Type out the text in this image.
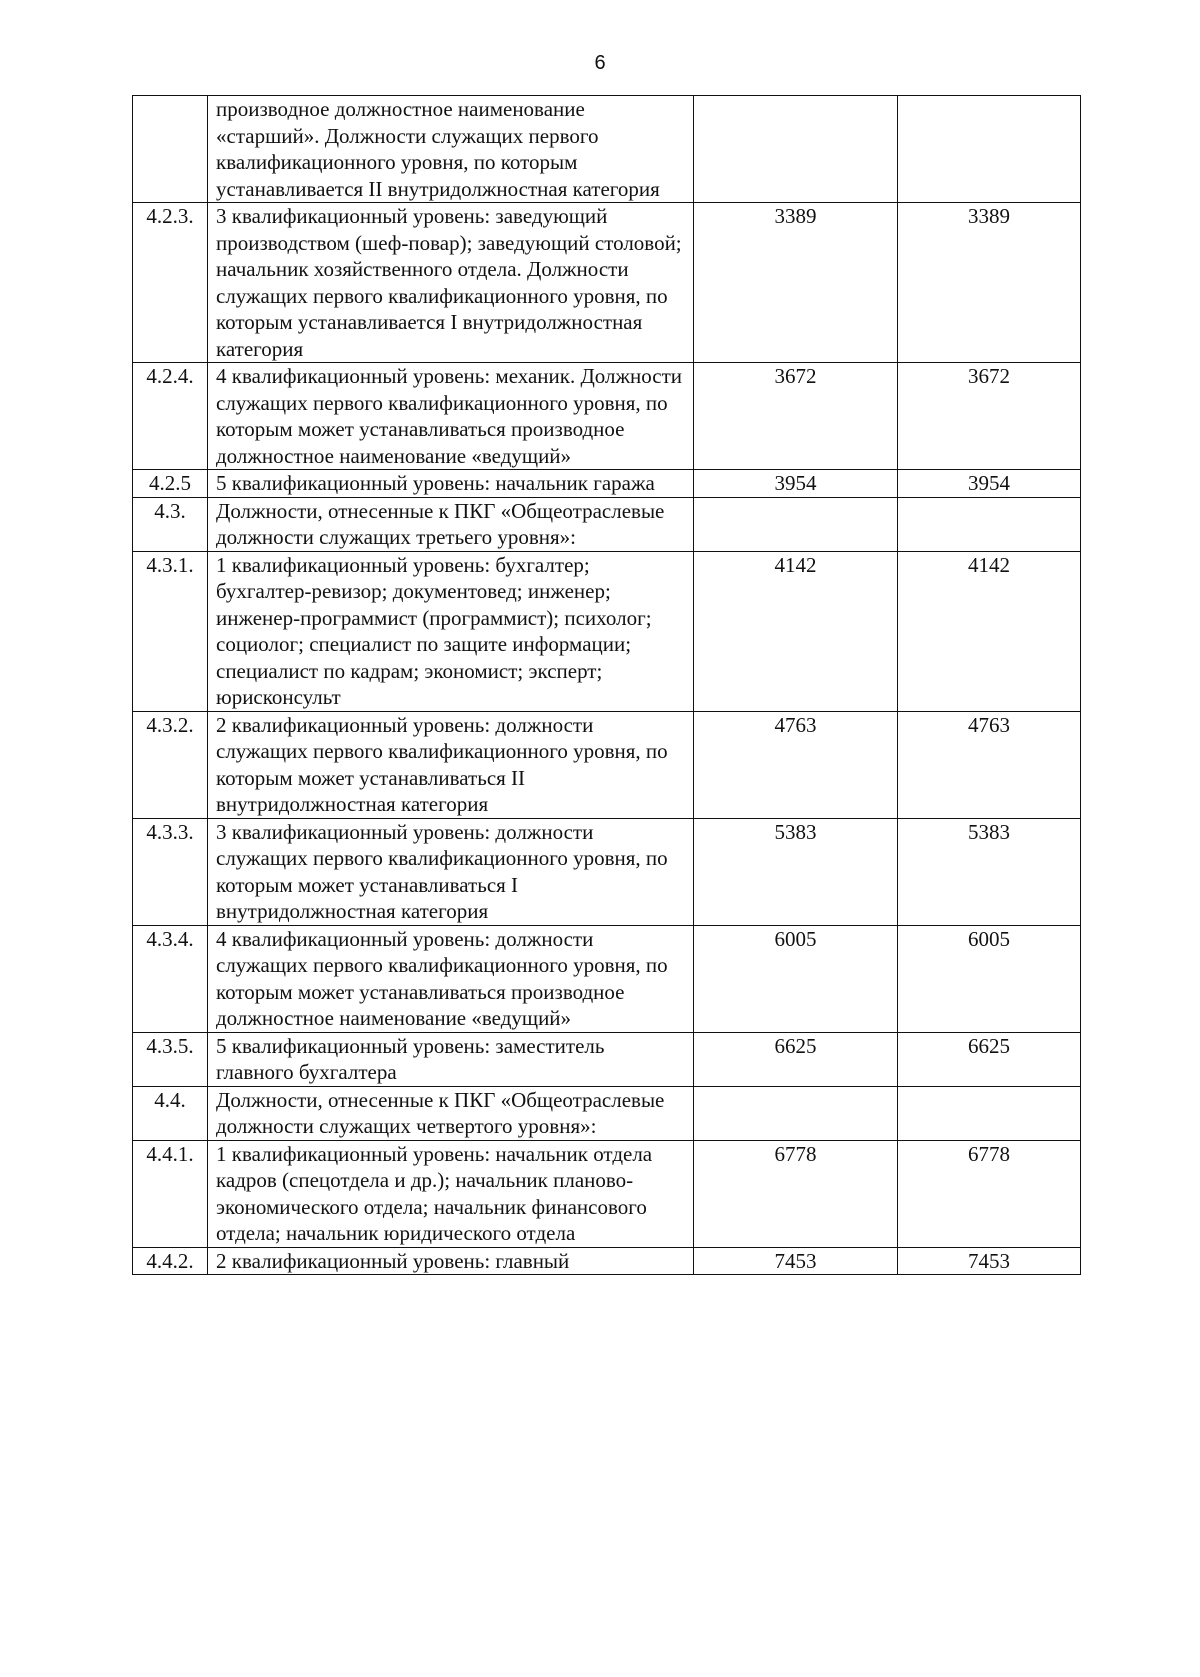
6
	производное должностное наименование «старший». Должности служащих первого квалификационного уровня, по которым устанавливается II внутридолжностная категория		
4.2.3.	3 квалификационный уровень: заведующий производством (шеф-повар); заведующий столовой; начальник хозяйственного отдела. Должности служащих первого квалификационного уровня, по которым устанавливается I внутридолжностная категория	3389	3389
4.2.4.	4 квалификационный уровень: механик. Должности служащих первого квалификационного уровня, по которым может устанавливаться производное должностное наименование «ведущий»	3672	3672
4.2.5	5 квалификационный уровень: начальник гаража	3954	3954
4.3.	Должности, отнесенные к ПКГ «Общеотраслевые должности служащих третьего уровня»:		
4.3.1.	1 квалификационный уровень: бухгалтер; бухгалтер-ревизор; документовед; инженер; инженер-программист (программист); психолог; социолог; специалист по защите информации; специалист по кадрам; экономист; эксперт; юрисконсульт	4142	4142
4.3.2.	2 квалификационный уровень: должности служащих первого квалификационного уровня, по которым может устанавливаться II внутридолжностная категория	4763	4763
4.3.3.	3 квалификационный уровень: должности служащих первого квалификационного уровня, по которым может устанавливаться I внутридолжностная категория	5383	5383
4.3.4.	4 квалификационный уровень: должности служащих первого квалификационного уровня, по которым может устанавливаться производное должностное наименование «ведущий»	6005	6005
4.3.5.	5 квалификационный уровень: заместитель главного бухгалтера	6625	6625
4.4.	Должности, отнесенные к ПКГ «Общеотраслевые должности служащих четвертого уровня»:		
4.4.1.	1 квалификационный уровень: начальник отдела кадров (спецотдела и др.); начальник планово-экономического отдела; начальник финансового отдела; начальник юридического отдела	6778	6778
4.4.2.	2 квалификационный уровень: главный	7453	7453
